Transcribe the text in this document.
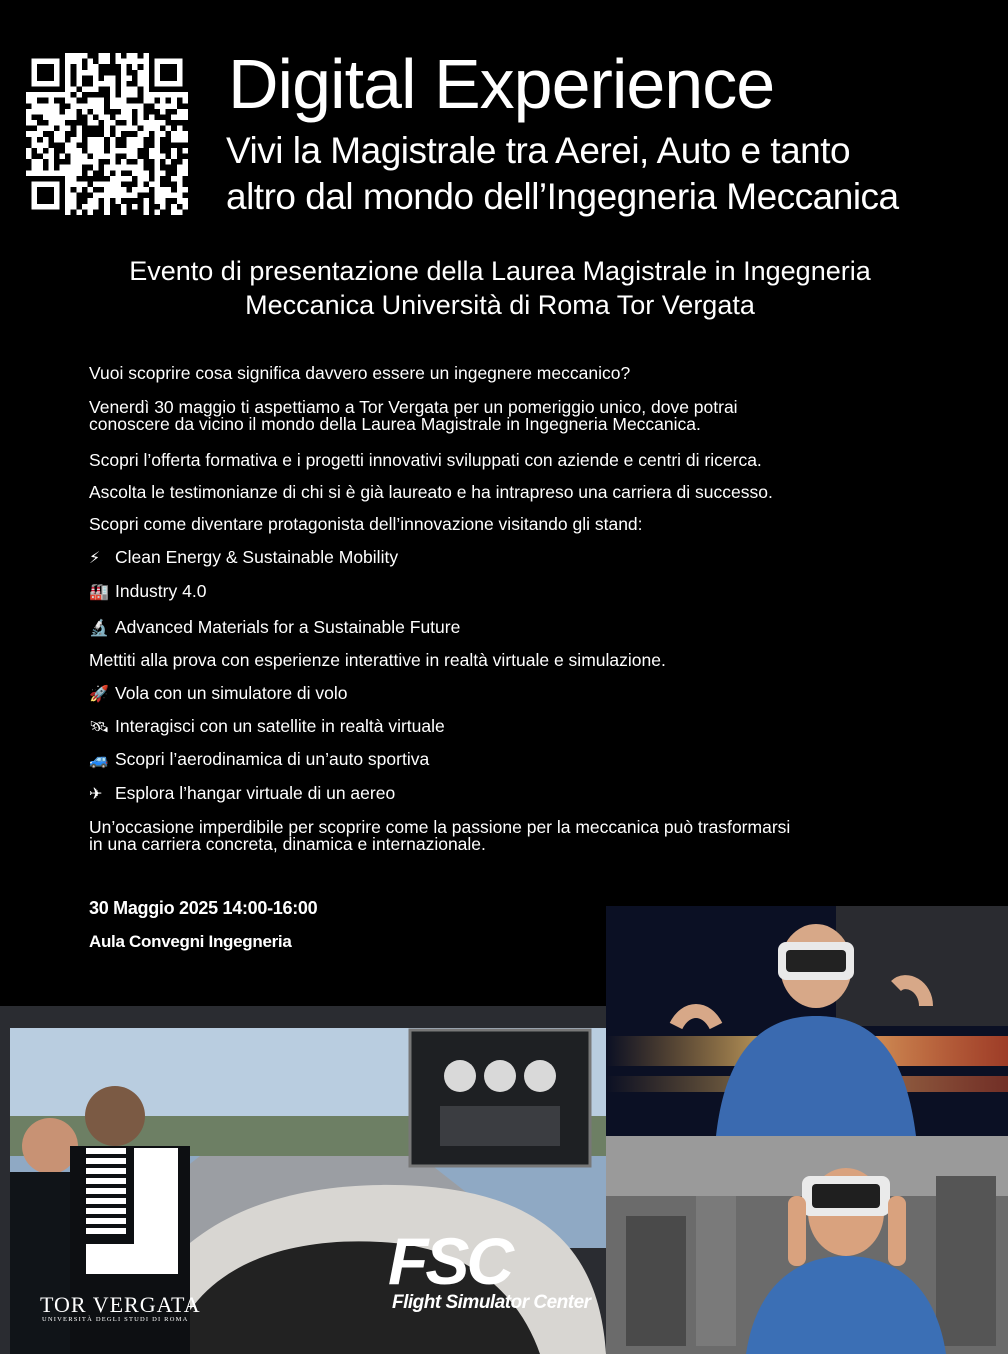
Digital Experience
Vivi la Magistrale tra Aerei, Auto e tanto
altro dal mondo dell’Ingegneria Meccanica
Evento di presentazione della Laurea Magistrale in Ingegneria
Meccanica Università di Roma Tor Vergata
Vuoi scoprire cosa significa davvero essere un ingegnere meccanico?
Venerdì 30 maggio ti aspettiamo a Tor Vergata per un pomeriggio unico, dove potrai
conoscere da vicino il mondo della Laurea Magistrale in Ingegneria Meccanica.
Scopri l’offerta formativa e i progetti innovativi sviluppati con aziende e centri di ricerca.
Ascolta le testimonianze di chi si è già laureato e ha intrapreso una carriera di successo.
Scopri come diventare protagonista dell’innovazione visitando gli stand:
⚡ Clean Energy & Sustainable Mobility
🏭 Industry 4.0
🔬 Advanced Materials for a Sustainable Future
Mettiti alla prova con esperienze interattive in realtà virtuale e simulazione.
🚀 Vola con un simulatore di volo
🛰 Interagisci con un satellite in realtà virtuale
🚙 Scopri l’aerodinamica di un’auto sportiva
✈ Esplora l’hangar virtuale di un aereo
Un’occasione imperdibile per scoprire come la passione per la meccanica può trasformarsi
in una carriera concreta, dinamica e internazionale.
30 Maggio 2025 14:00-16:00
Aula Convegni Ingegneria
TOR VERGATA
UNIVERSITÀ DEGLI STUDI DI ROMA
FSC
Flight Simulator Center
